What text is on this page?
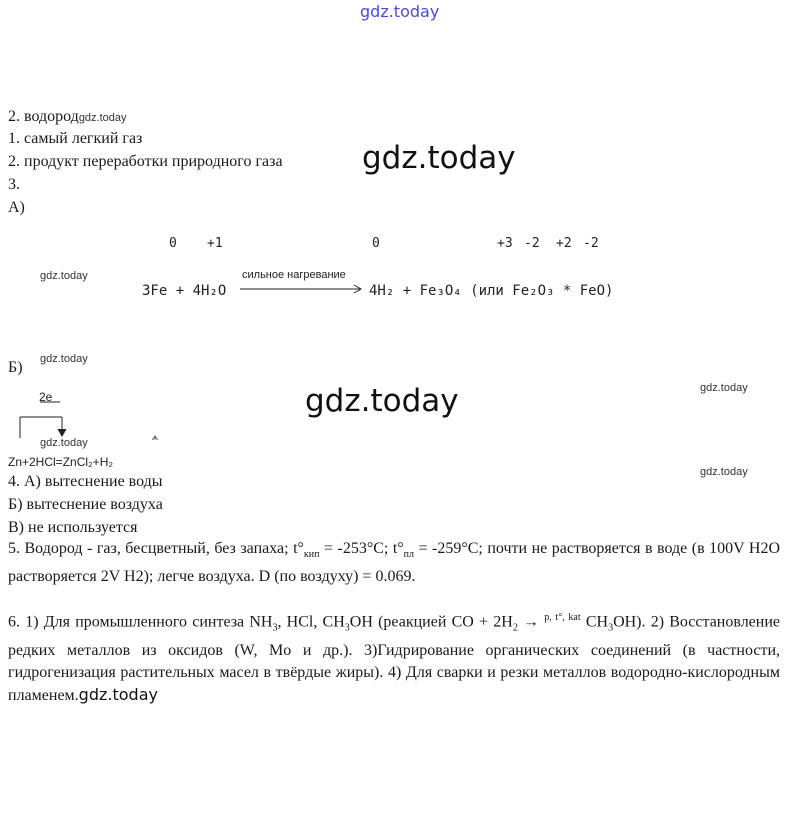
gdz.today
2. водородgdz.today
1. самый легкий газ
2. продукт переработки природного газа
3.
А)
gdz.today
0 +1	0	+3 -2 +2 -2
gdz.today
3Fe + 4H₂O
сильное нагревание
4H₂ + Fe₃O₄ (или Fe₂O₃ * FeO)
gdz.today
Б)
gdz.today	gdz.today
2e
gdz.today
Zn+2HCl=ZnCl₂+H₂
gdz.today
4. А) вытеснение воды
Б) вытеснение воздуха
В) не используется
5. Водород - газ, бесцветный, без запаха; $t^\circ_{кип} = -253^\circ С$; $t^\circ_{пл} = -259^\circ С$; почти не растворяется в воде (в 100V H2O растворяется 2V H2); легче воздуха. D (по воздуху) = 0.069.
6. 1) Для промышленного синтеза $NH_3$, HCl, $CH_3OH$ (реакцией CO + $2H_2 \to ^{p, t^\circ, kat}$ $CH_3OH$). 2) Восстановление редких металлов из оксидов (W, Mo и др.). 3)Гидрирование органических соединений (в частности, гидрогенизация растительных масел в твёрдые жиры). 4) Для сварки и резки металлов водородно-кислородным пламенем.gdz.today
